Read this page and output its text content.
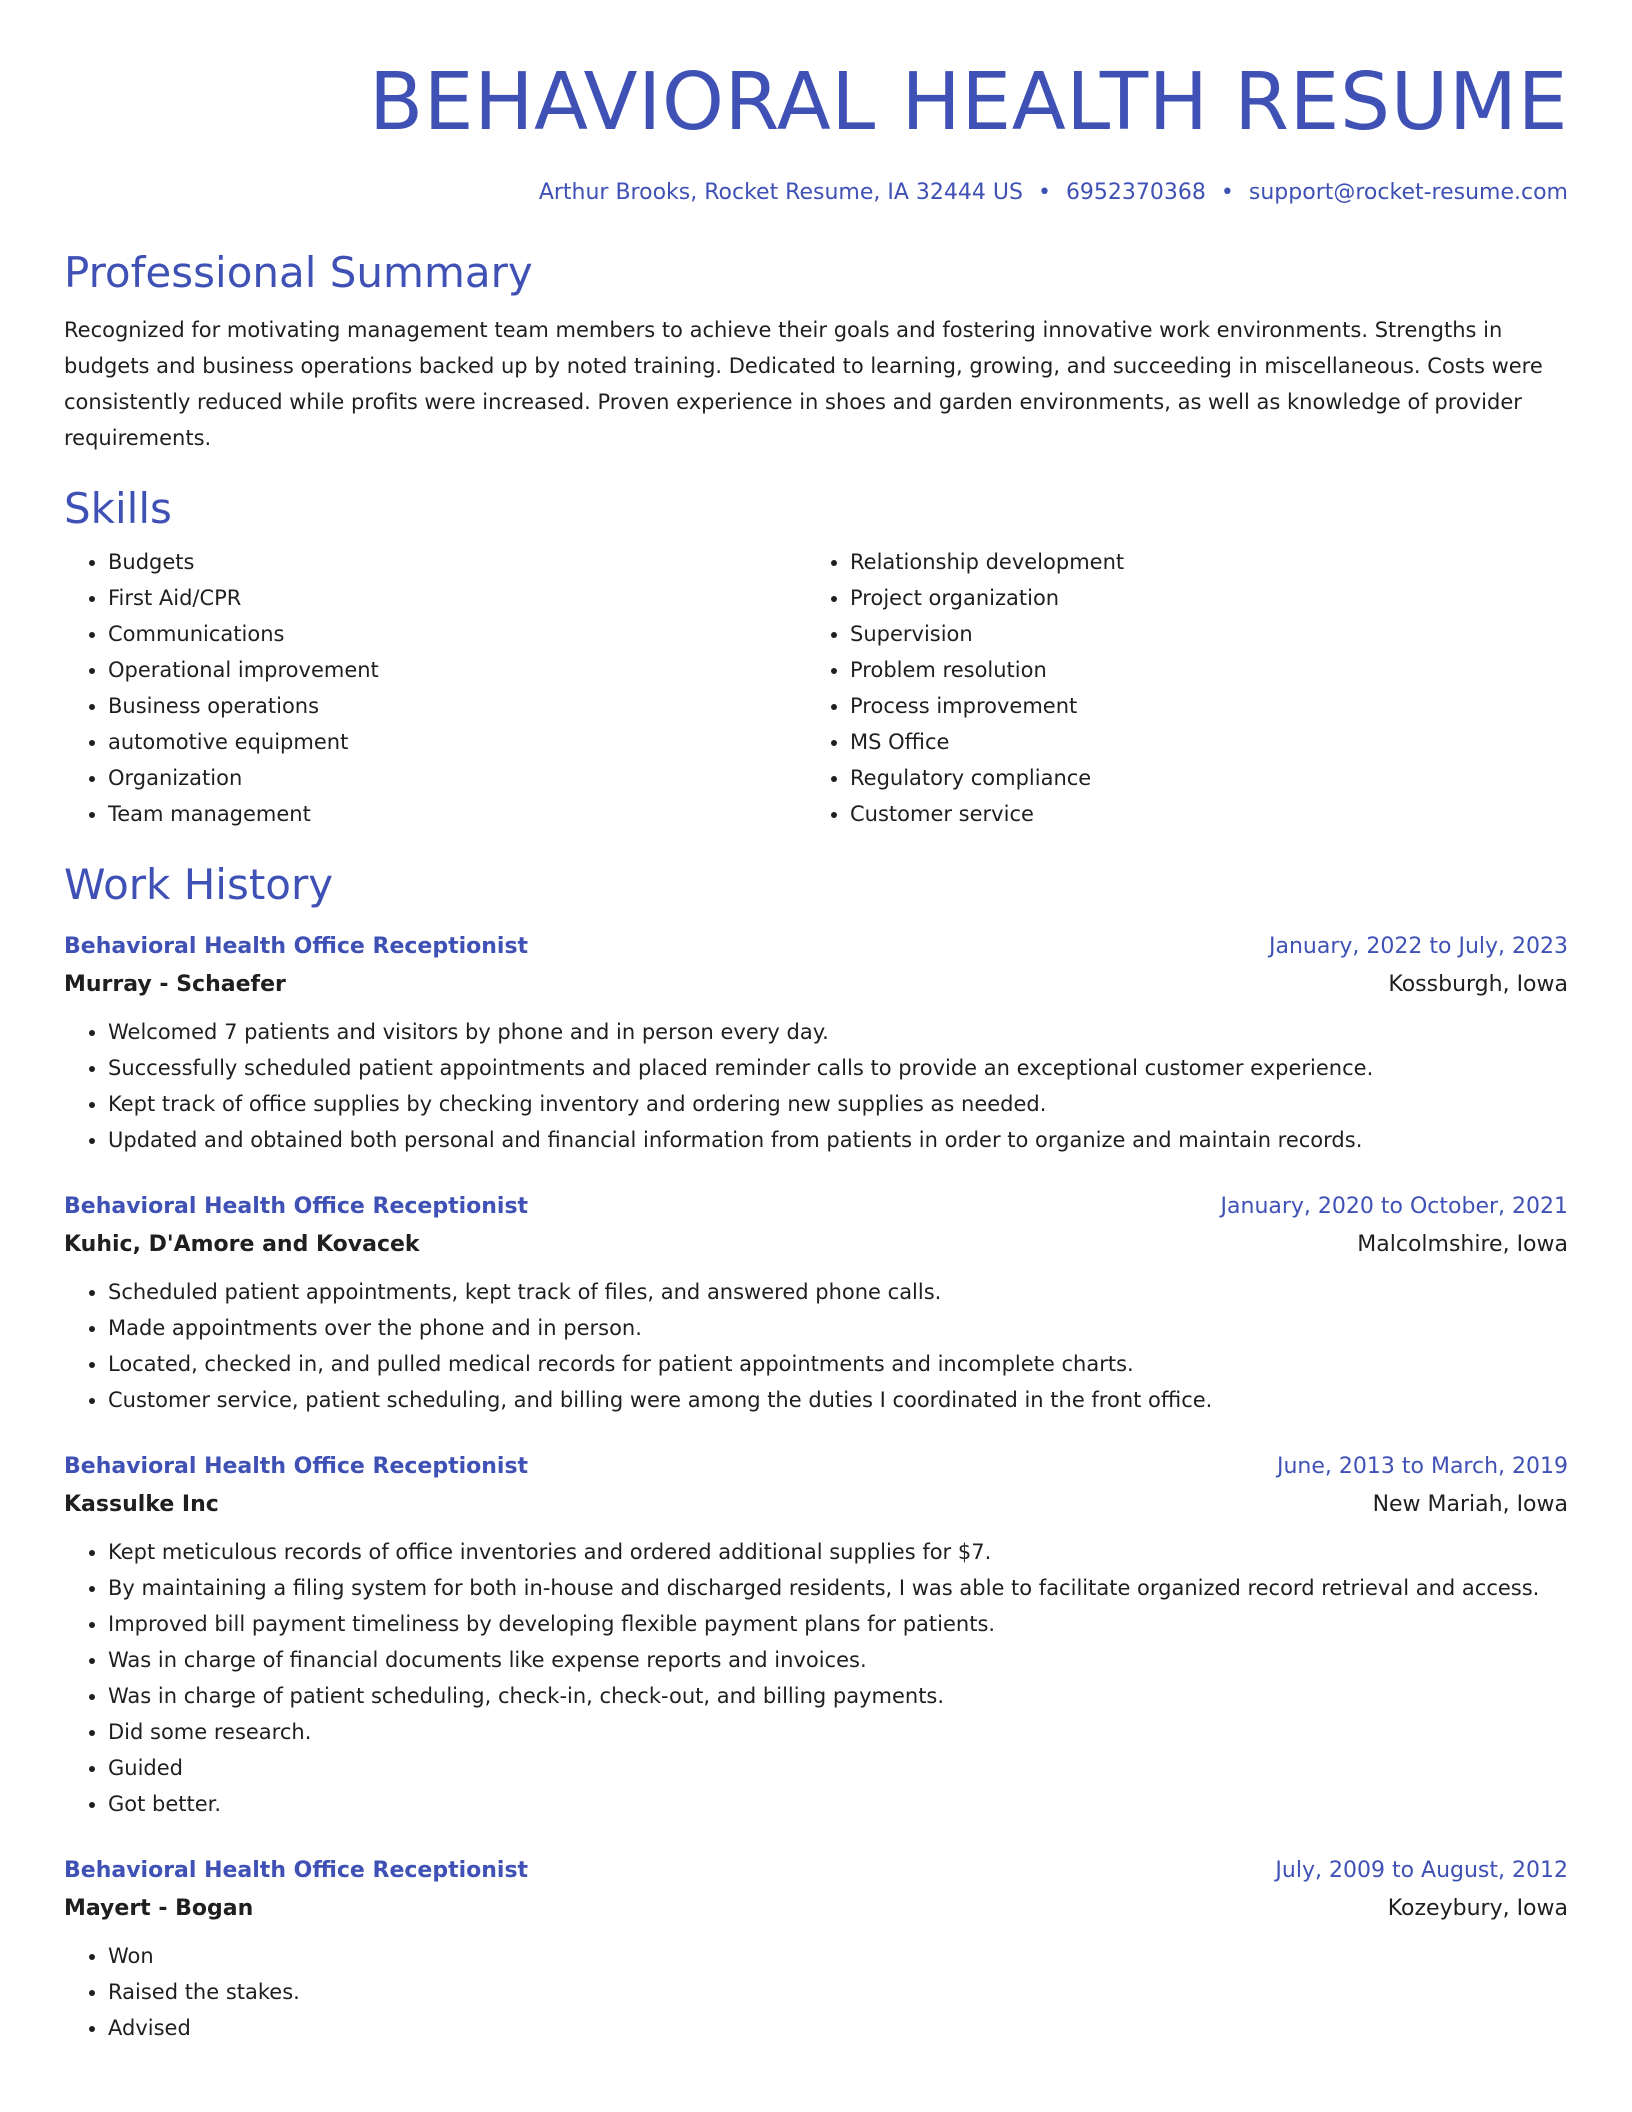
BEHAVIORAL HEALTH RESUME
Arthur Brooks, Rocket Resume, IA 32444 US • 6952370368 • support@rocket-resume.com
Professional Summary
Recognized for motivating management team members to achieve their goals and fostering innovative work environments. Strengths in budgets and business operations backed up by noted training. Dedicated to learning, growing, and succeeding in miscellaneous. Costs were consistently reduced while profits were increased. Proven experience in shoes and garden environments, as well as knowledge of provider requirements.
Skills
• Budgets
• First Aid/CPR
• Communications
• Operational improvement
• Business operations
• automotive equipment
• Organization
• Team management
• Relationship development
• Project organization
• Supervision
• Problem resolution
• Process improvement
• MS Office
• Regulatory compliance
• Customer service
Work History
Behavioral Health Office Receptionist	January, 2022 to July, 2023
Murray - Schaefer	Kossburgh, Iowa
• Welcomed 7 patients and visitors by phone and in person every day.
• Successfully scheduled patient appointments and placed reminder calls to provide an exceptional customer experience.
• Kept track of office supplies by checking inventory and ordering new supplies as needed.
• Updated and obtained both personal and financial information from patients in order to organize and maintain records.
Behavioral Health Office Receptionist	January, 2020 to October, 2021
Kuhic, D'Amore and Kovacek	Malcolmshire, Iowa
• Scheduled patient appointments, kept track of files, and answered phone calls.
• Made appointments over the phone and in person.
• Located, checked in, and pulled medical records for patient appointments and incomplete charts.
• Customer service, patient scheduling, and billing were among the duties I coordinated in the front office.
Behavioral Health Office Receptionist	June, 2013 to March, 2019
Kassulke Inc	New Mariah, Iowa
• Kept meticulous records of office inventories and ordered additional supplies for $7.
• By maintaining a filing system for both in-house and discharged residents, I was able to facilitate organized record retrieval and access.
• Improved bill payment timeliness by developing flexible payment plans for patients.
• Was in charge of financial documents like expense reports and invoices.
• Was in charge of patient scheduling, check-in, check-out, and billing payments.
• Did some research.
• Guided
• Got better.
Behavioral Health Office Receptionist	July, 2009 to August, 2012
Mayert - Bogan	Kozeybury, Iowa
• Won
• Raised the stakes.
• Advised
